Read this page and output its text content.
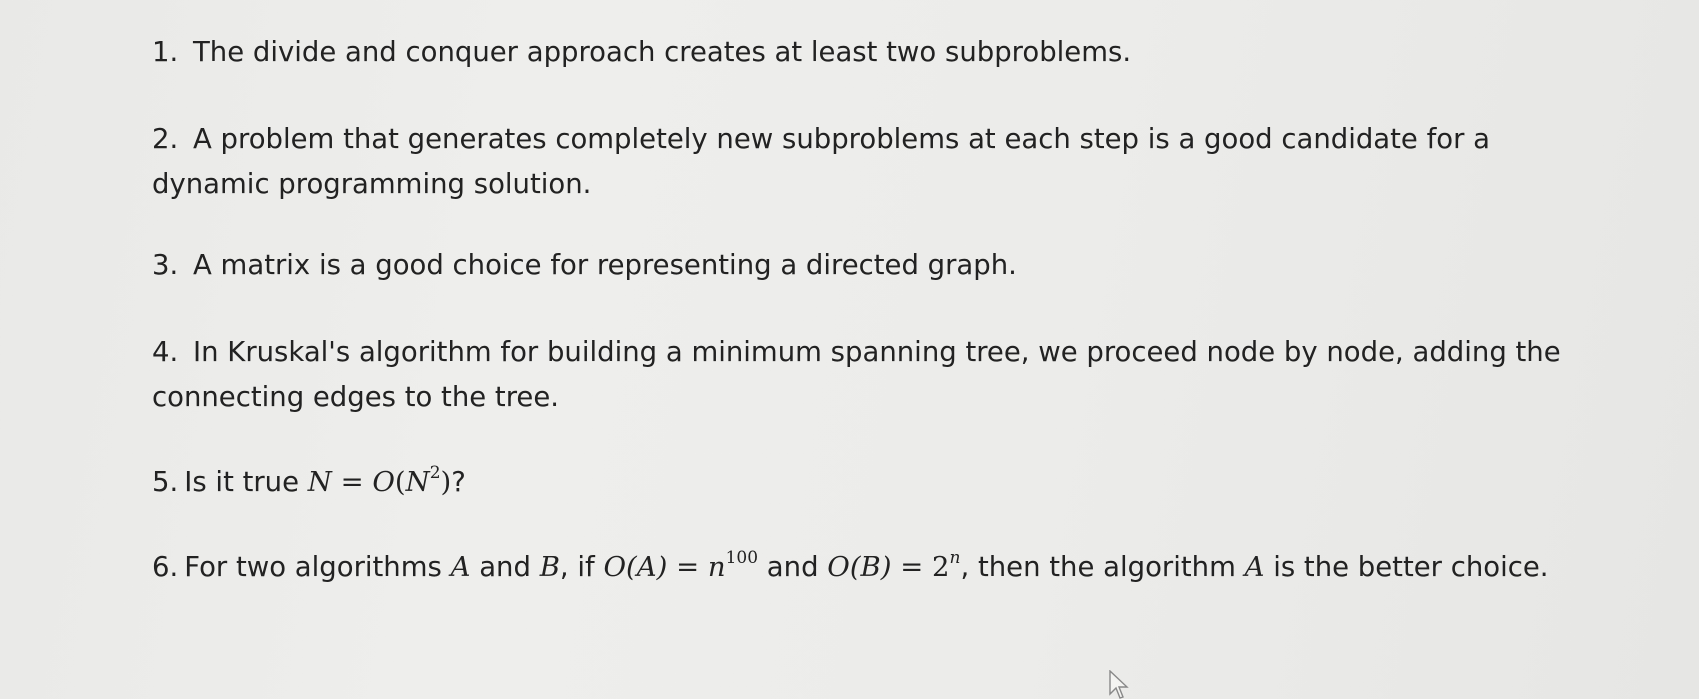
1. The divide and conquer approach creates at least two subproblems.
2. A problem that generates completely new subproblems at each step is a good candidate for a dynamic programming solution.
3. A matrix is a good choice for representing a directed graph.
4. In Kruskal's algorithm for building a minimum spanning tree, we proceed node by node, adding the connecting edges to the tree.
5. Is it true $N = O(N^2)$?
6. For two algorithms A and B, if $O(A) = n^{100}$ and $O(B) = 2^n$, then the algorithm A is the better choice.
